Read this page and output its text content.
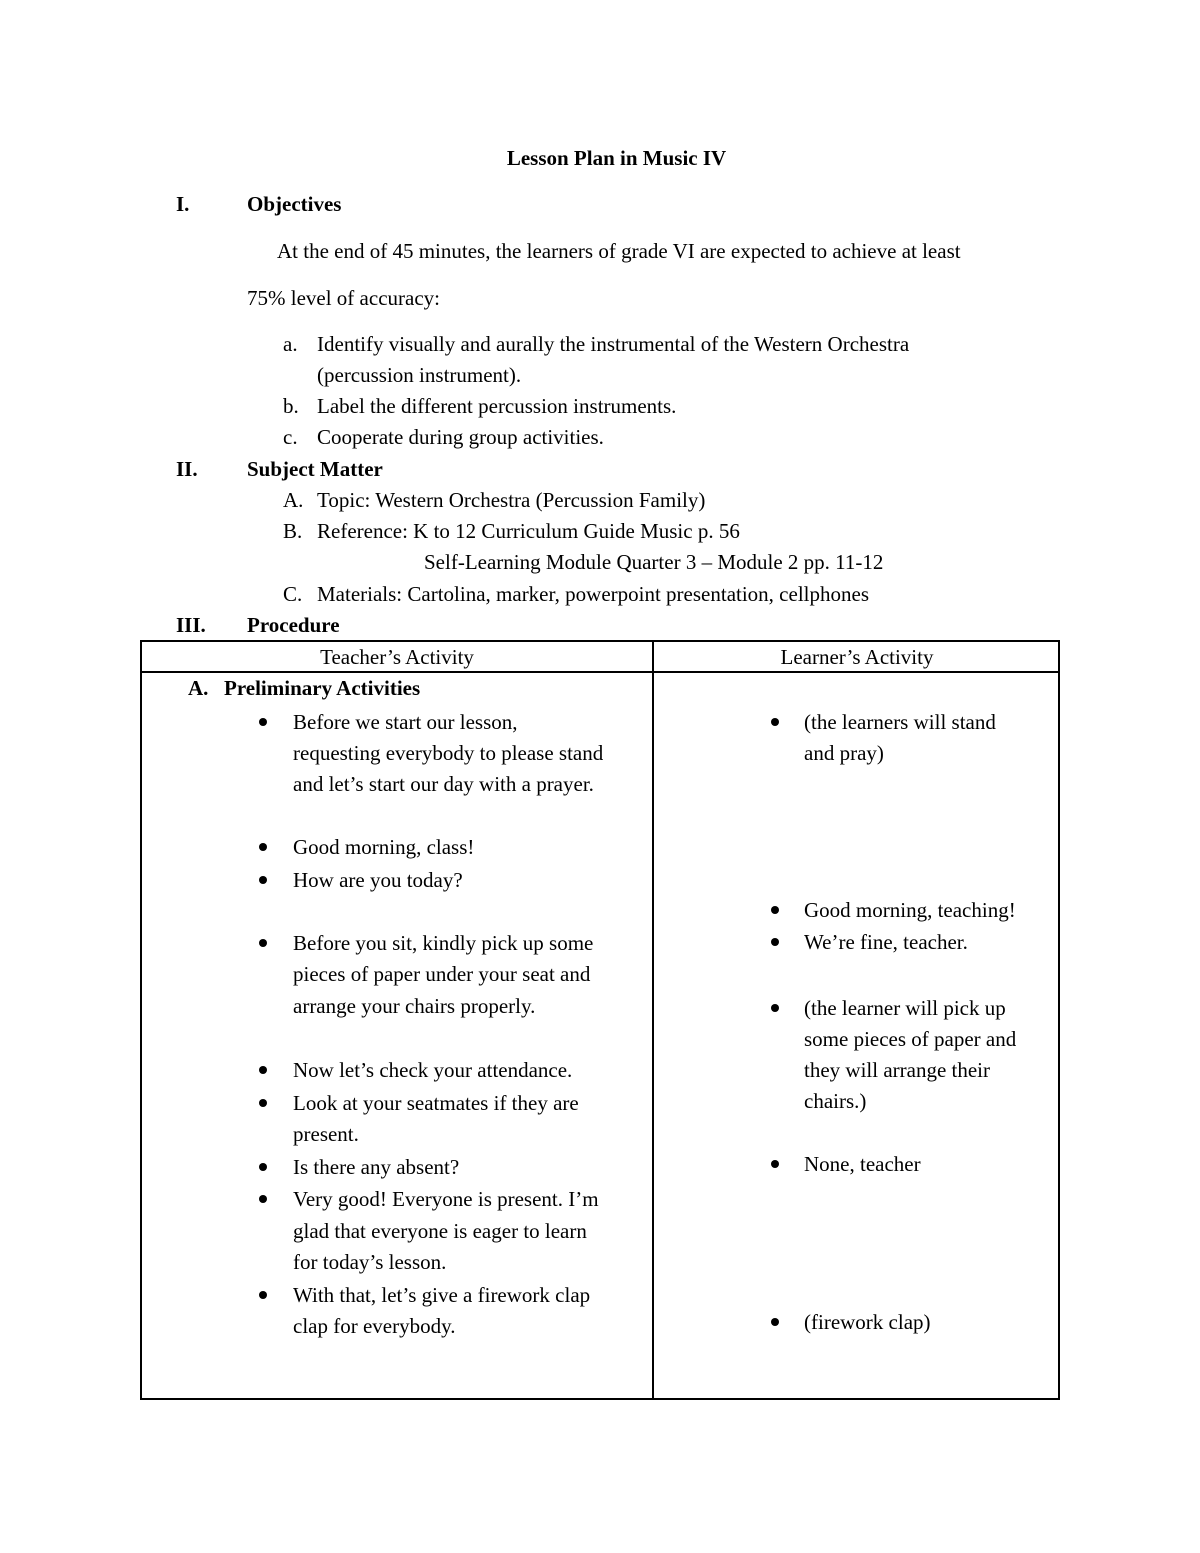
Lesson Plan in Music IV
I.	Objectives
At the end of 45 minutes, the learners of grade VI are expected to achieve at least
75% level of accuracy:
a. Identify visually and aurally the instrumental of the Western Orchestra
(percussion instrument).
b. Label the different percussion instruments.
c. Cooperate during group activities.
II. Subject Matter
A. Topic: Western Orchestra (Percussion Family)
B. Reference: K to 12 Curriculum Guide Music p. 56
Self-Learning Module Quarter 3 – Module 2 pp. 11-12
C. Materials: Cartolina, marker, powerpoint presentation, cellphones
III. Procedure
Teacher’s Activity	Learner’s Activity
A. Preliminary Activities
Before we start our lesson,
requesting everybody to please stand
and let’s start our day with a prayer.
Good morning, class!
How are you today?
Before you sit, kindly pick up some
pieces of paper under your seat and
arrange your chairs properly.
Now let’s check your attendance.
Look at your seatmates if they are
present.
Is there any absent?
Very good! Everyone is present. I’m
glad that everyone is eager to learn
for today’s lesson.
With that, let’s give a firework clap
clap for everybody.
(the learners will stand
and pray)
Good morning, teaching!
We’re fine, teacher.
(the learner will pick up
some pieces of paper and
they will arrange their
chairs.)
None, teacher
(firework clap)
